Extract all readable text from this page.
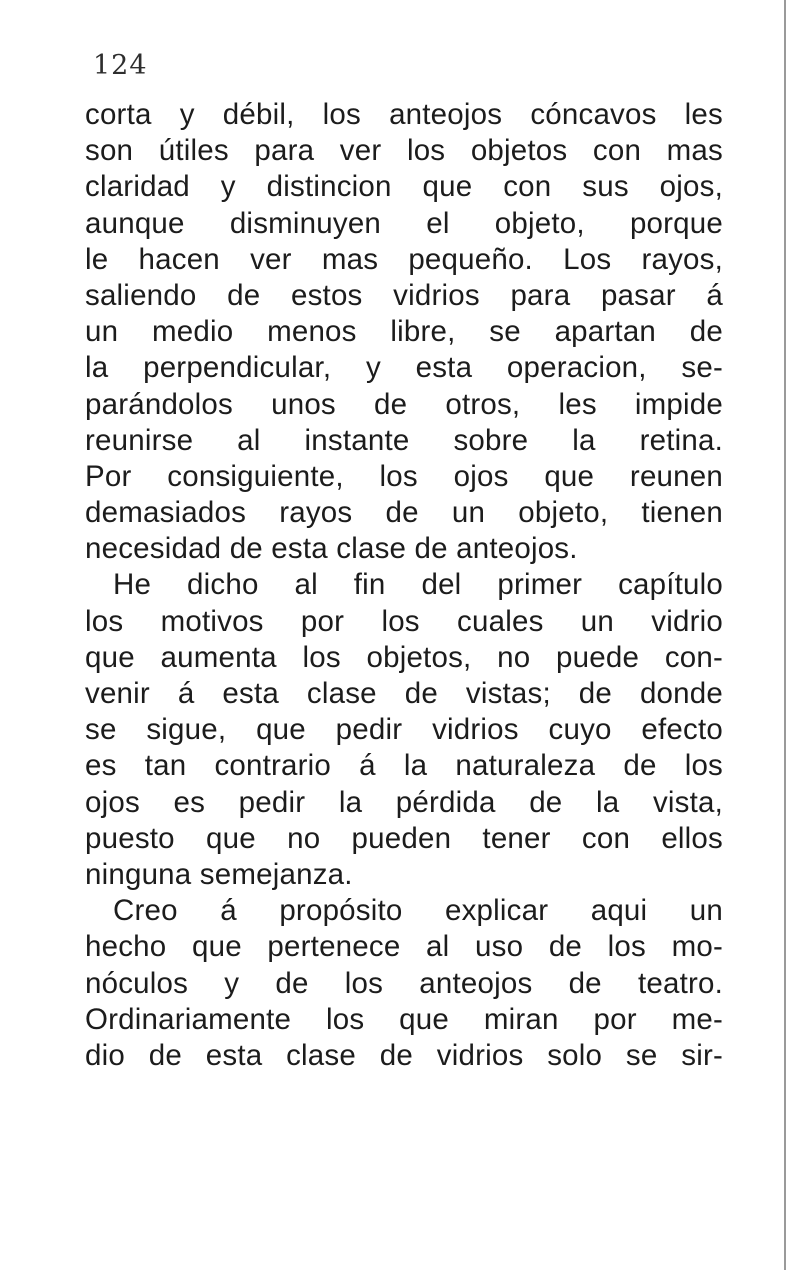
124
corta y débil, los anteojos cóncavos les
son útiles para ver los objetos con mas
claridad y distincion que con sus ojos,
aunque disminuyen el objeto, porque
le hacen ver mas pequeño. Los rayos,
saliendo de estos vidrios para pasar á
un medio menos libre, se apartan de
la perpendicular, y esta operacion, se-
parándolos unos de otros, les impide
reunirse al instante sobre la retina.
Por consiguiente, los ojos que reunen
demasiados rayos de un objeto, tienen
necesidad de esta clase de anteojos.
He dicho al fin del primer capítulo
los motivos por los cuales un vidrio
que aumenta los objetos, no puede con-
venir á esta clase de vistas; de donde
se sigue, que pedir vidrios cuyo efecto
es tan contrario á la naturaleza de los
ojos es pedir la pérdida de la vista,
puesto que no pueden tener con ellos
ninguna semejanza.
Creo á propósito explicar aqui un
hecho que pertenece al uso de los mo-
nóculos y de los anteojos de teatro.
Ordinariamente los que miran por me-
dio de esta clase de vidrios solo se sir-
